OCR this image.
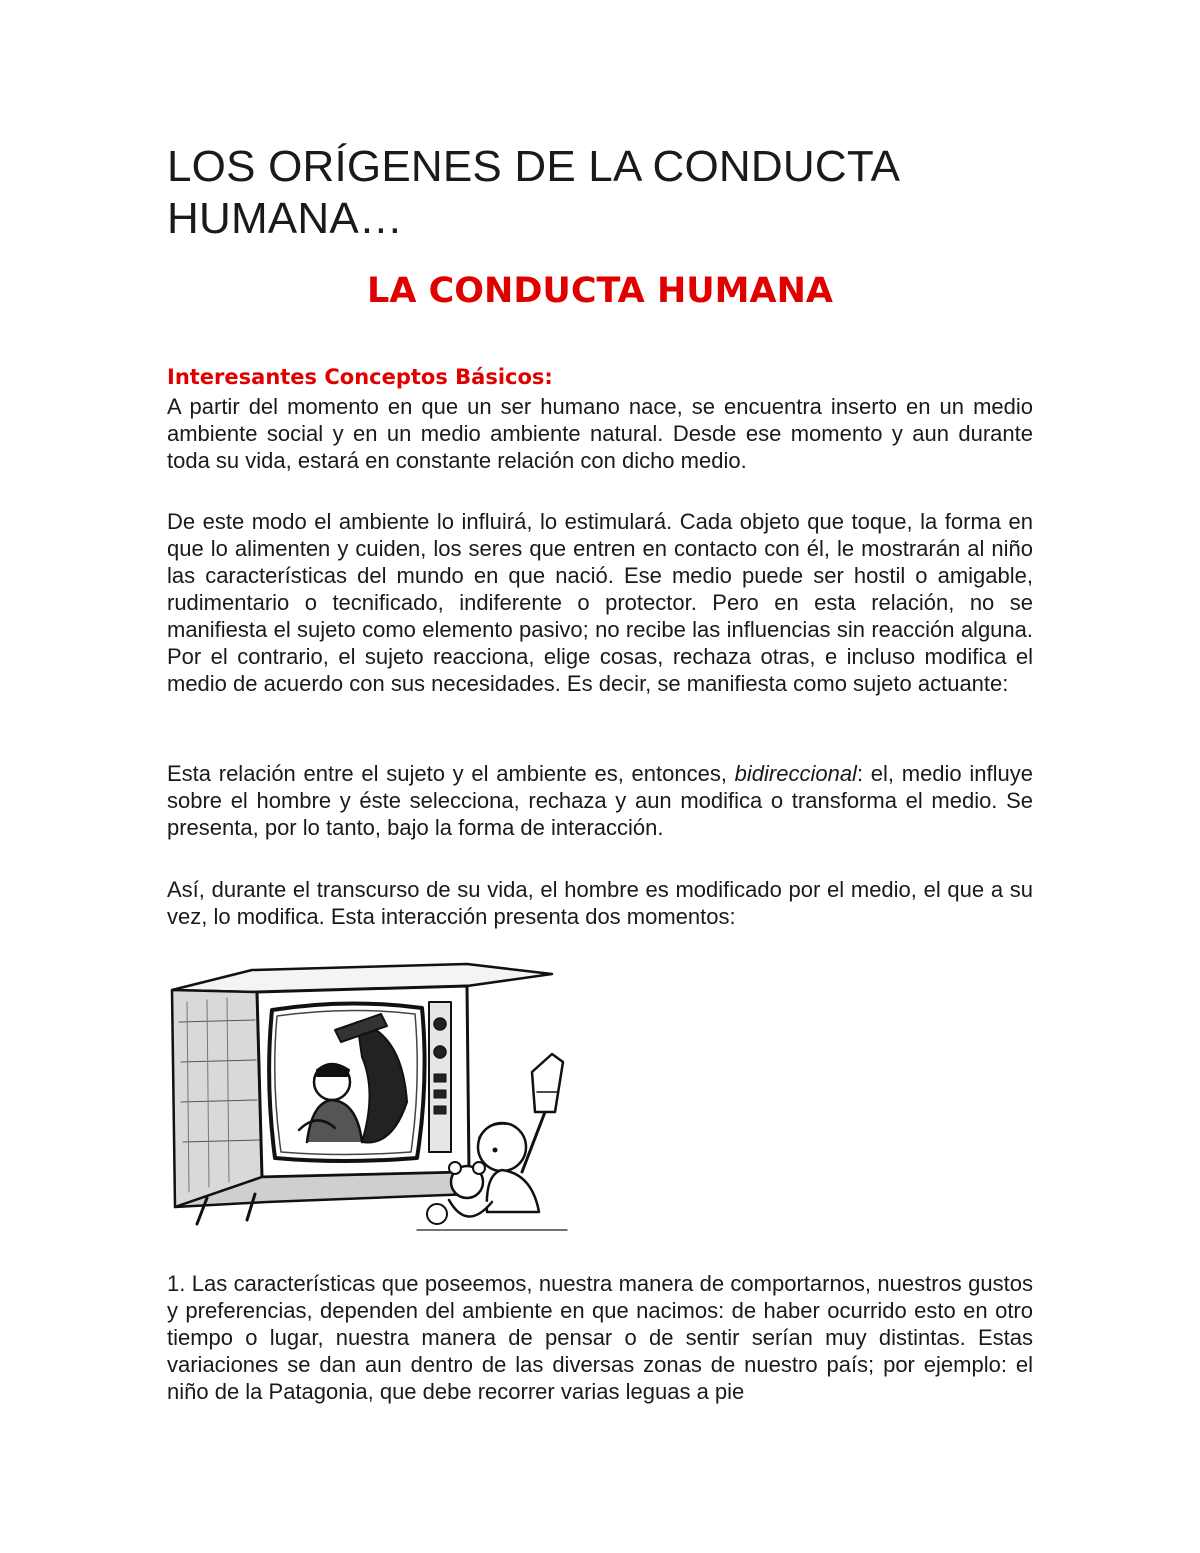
LOS ORÍGENES DE LA CONDUCTA HUMANA…
LA CONDUCTA HUMANA
Interesantes Conceptos Básicos:

A partir del momento en que un ser humano nace, se encuentra inserto en un medio ambiente social y en un medio ambiente natural. Desde ese momento y aun durante toda su vida, estará en constante relación con dicho medio.

De este modo el ambiente lo influirá, lo estimulará. Cada objeto que toque, la forma en que lo alimenten y cuiden, los seres que entren en contacto con él, le mostrarán al niño las características del mundo en que nació. Ese medio puede ser hostil o amigable, rudimentario o tecnificado, indiferente o protector. Pero en esta relación, no se manifiesta el sujeto como elemento pasivo; no recibe las influencias sin reacción alguna. Por el contrario, el sujeto reacciona, elige cosas, rechaza otras, e incluso modifica el medio de acuerdo con sus necesidades. Es decir, se manifiesta como sujeto actuante:

Esta relación entre el sujeto y el ambiente es, entonces, bidireccional: el, medio influye sobre el hombre y éste selecciona, rechaza y aun modifica o transforma el medio. Se presenta, por lo tanto, bajo la forma de interacción.

Así, durante el transcurso de su vida, el hombre es modificado por el medio, el que a su vez, lo modifica. Esta interacción presenta dos momentos:

1. Las características que poseemos, nuestra manera de comportarnos, nuestros gustos y preferencias, dependen del ambiente en que nacimos: de haber ocurrido esto en otro tiempo o lugar, nuestra manera de pensar o de sentir serían muy distintas. Estas variaciones se dan aun dentro de las diversas zonas de nuestro país; por ejemplo: el niño de la Patagonia, que debe recorrer varias leguas a pie
